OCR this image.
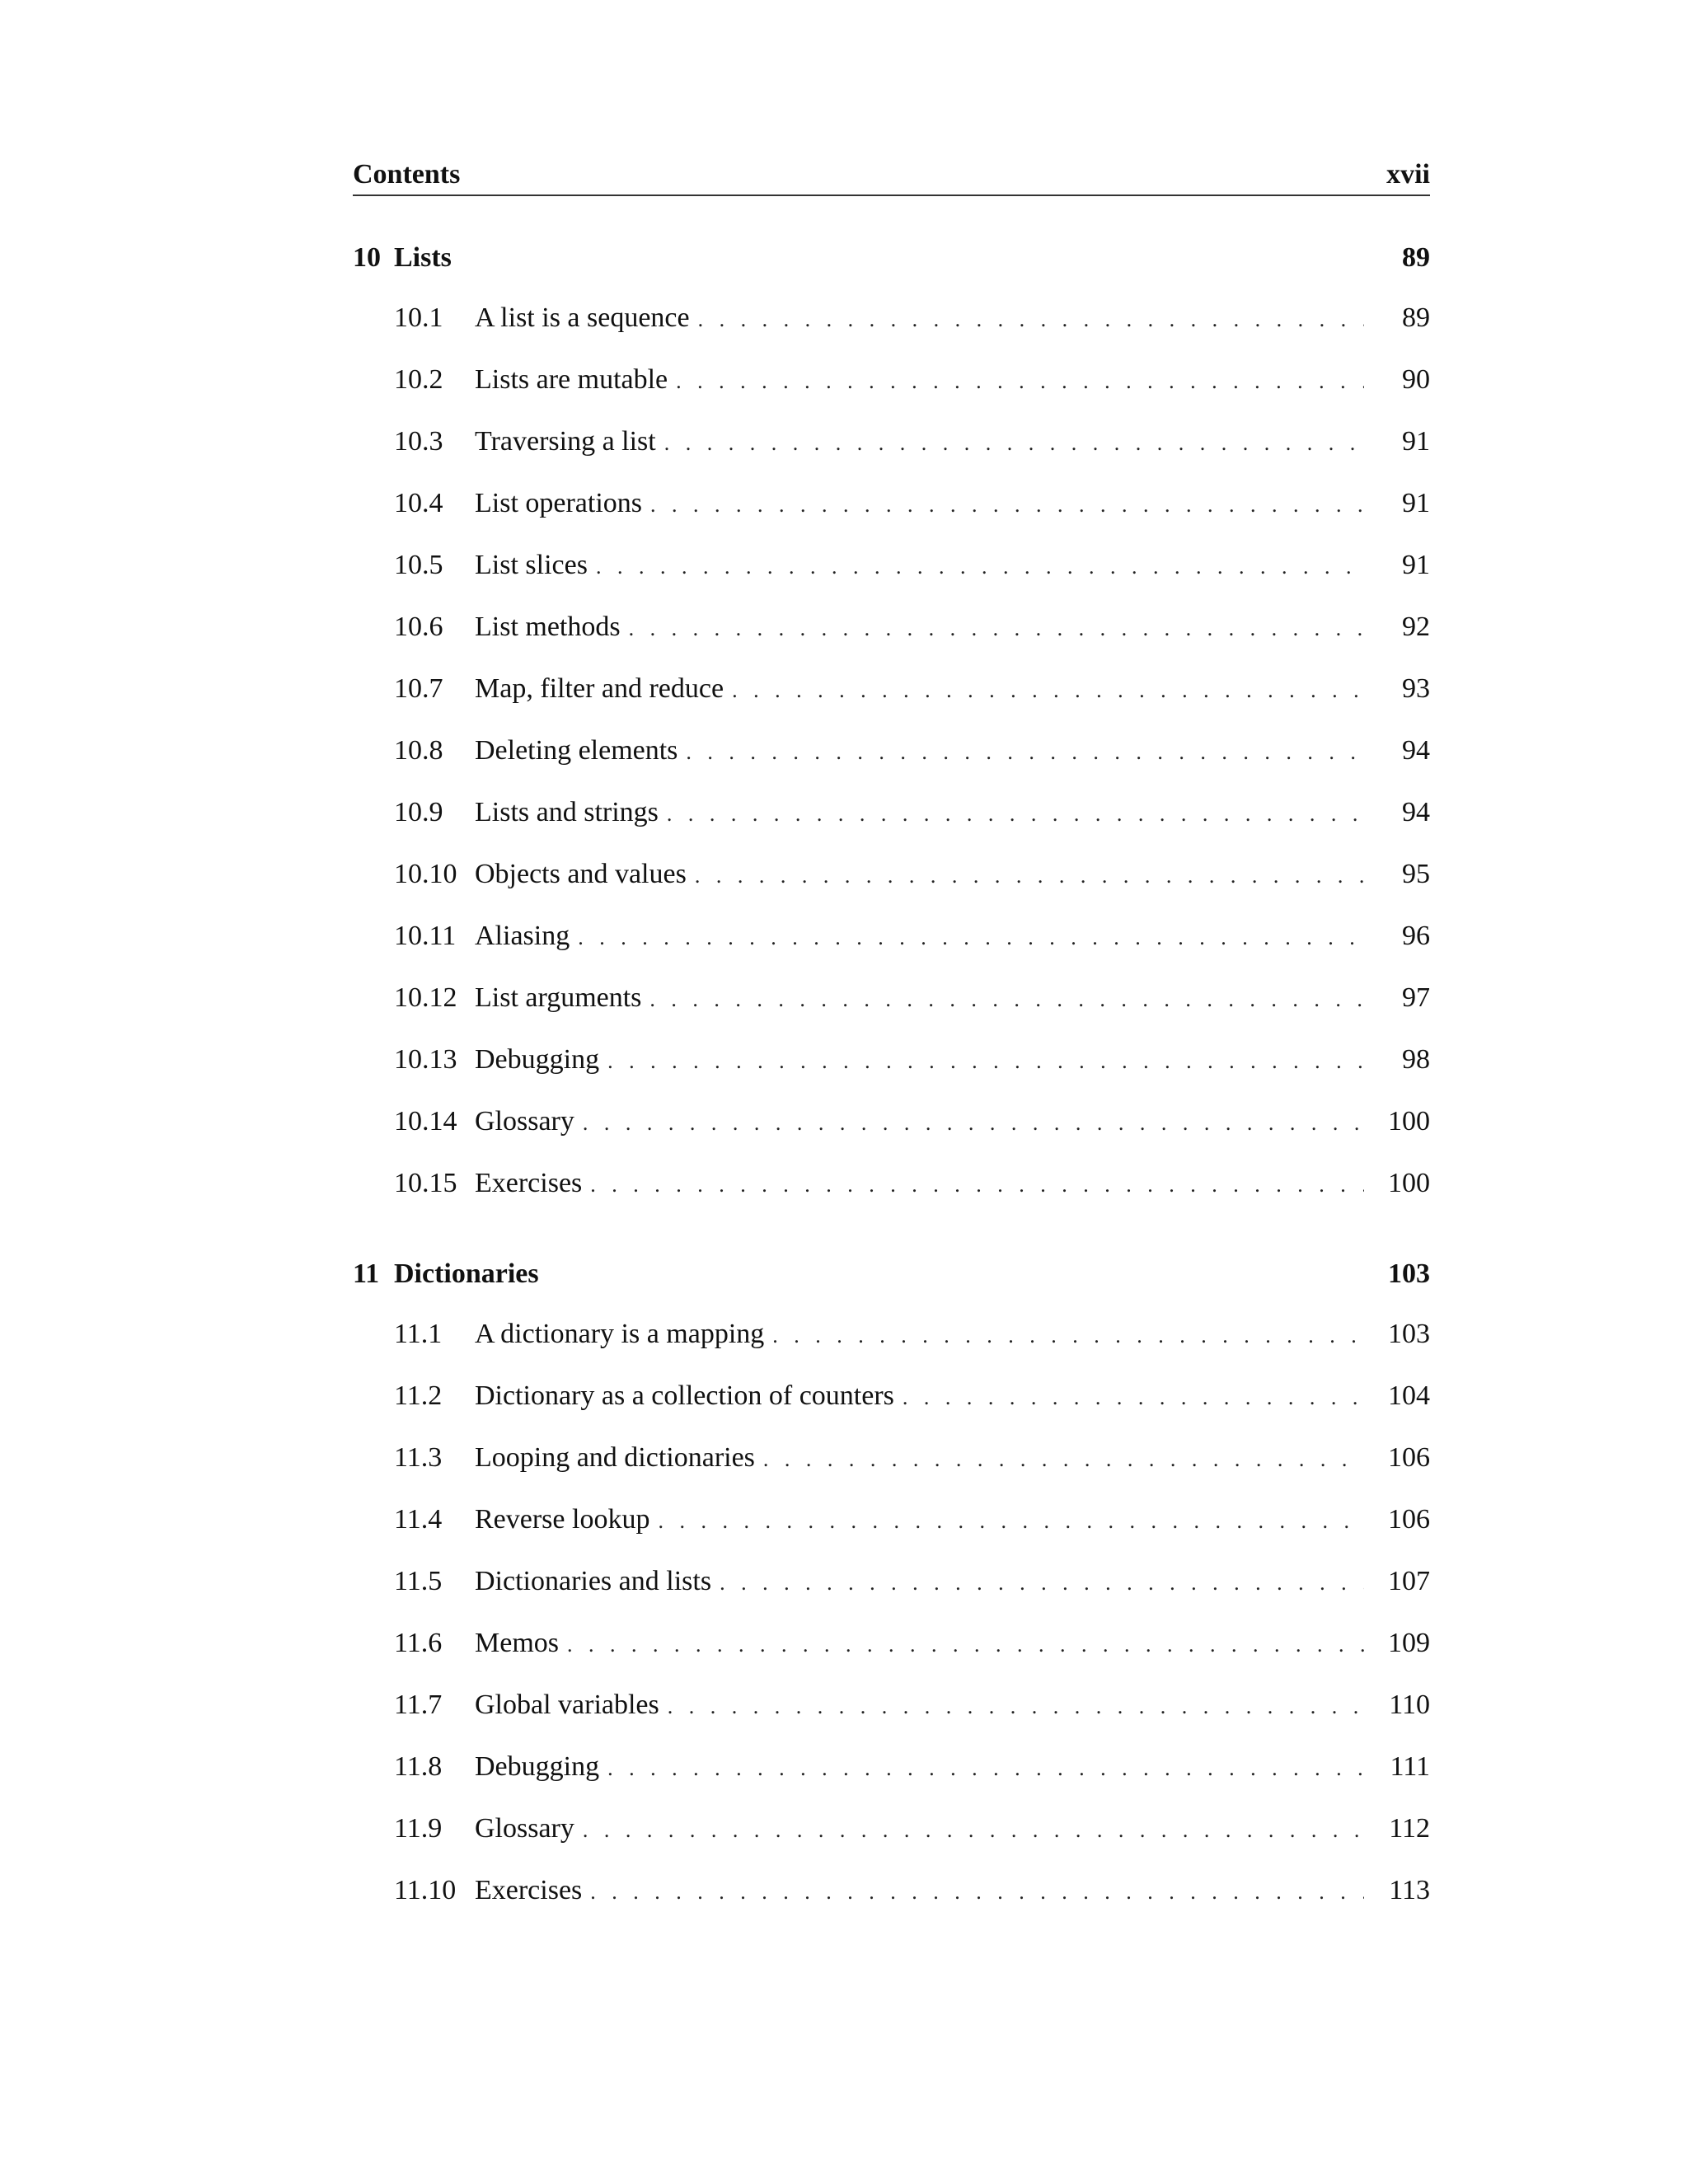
Contents	xvii
10 Lists	89
10.1	A list is a sequence . . .	89
10.2	Lists are mutable . . .	90
10.3	Traversing a list . . .	91
10.4	List operations . . .	91
10.5	List slices . . .	91
10.6	List methods . . .	92
10.7	Map, filter and reduce . . .	93
10.8	Deleting elements . . .	94
10.9	Lists and strings . . .	94
10.10 Objects and values . . .	95
10.11 Aliasing . . .	96
10.12 List arguments . . .	97
10.13 Debugging . . .	98
10.14 Glossary . . .	100
10.15 Exercises . . .	100
11 Dictionaries	103
11.1	A dictionary is a mapping . . .	103
11.2	Dictionary as a collection of counters . . .	104
11.3	Looping and dictionaries . . .	106
11.4	Reverse lookup . . .	106
11.5	Dictionaries and lists . . .	107
11.6	Memos . . .	109
11.7	Global variables . . .	110
11.8	Debugging . . .	111
11.9	Glossary . . .	112
11.10 Exercises . . .	113
